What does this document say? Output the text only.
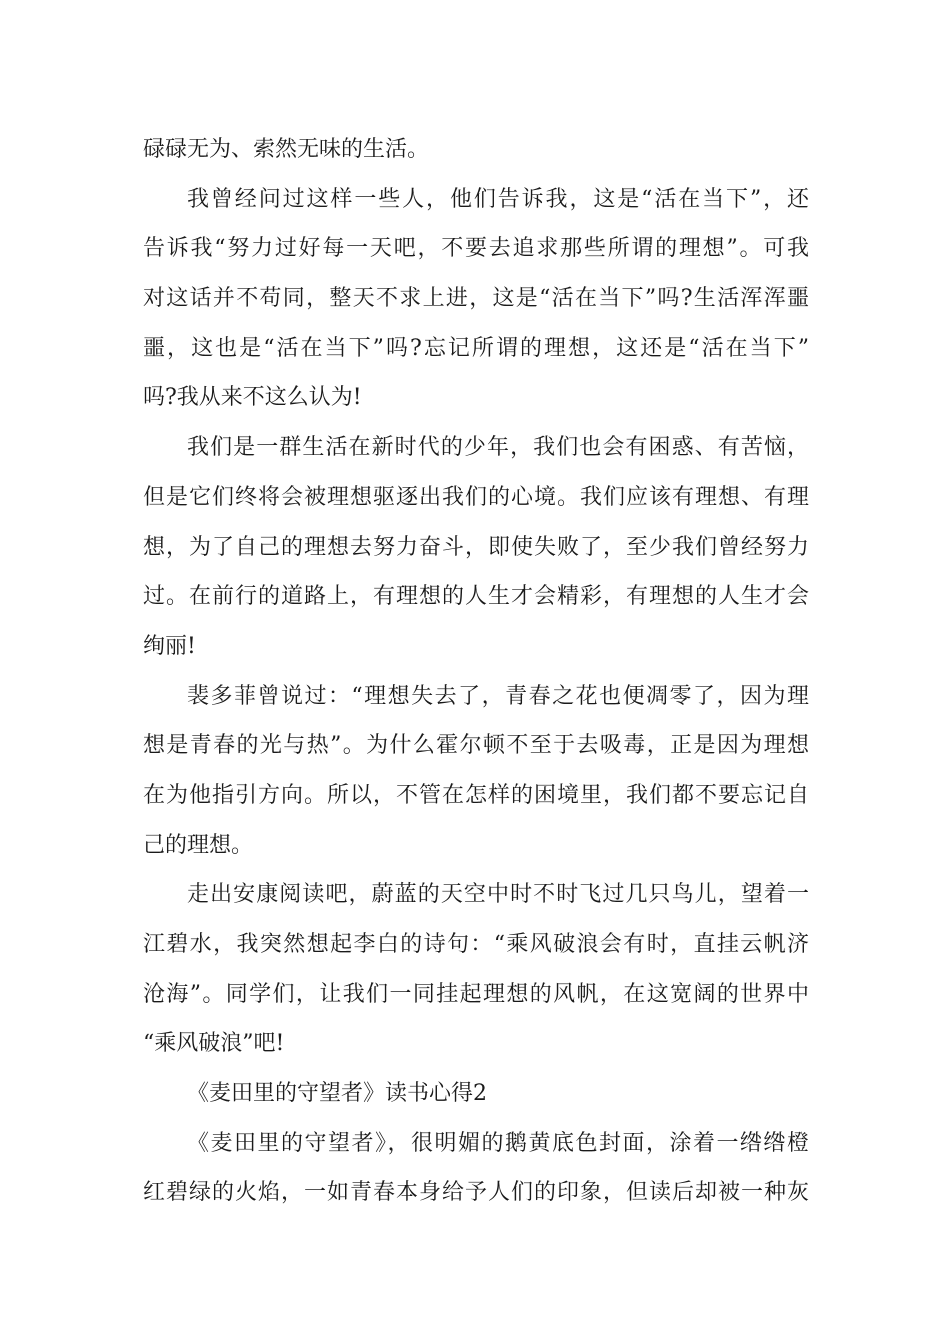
碌碌无为、索然无味的生活。
我曾经问过这样一些人，他们告诉我，这是“活在当下”，还
告诉我“努力过好每一天吧，不要去追求那些所谓的理想”。可我
对这话并不苟同，整天不求上进，这是“活在当下”吗?生活浑浑噩
噩，这也是“活在当下”吗?忘记所谓的理想，这还是“活在当下”
吗?我从来不这么认为!
我们是一群生活在新时代的少年，我们也会有困惑、有苦恼，
但是它们终将会被理想驱逐出我们的心境。我们应该有理想、有理
想，为了自己的理想去努力奋斗，即使失败了，至少我们曾经努力
过。在前行的道路上，有理想的人生才会精彩，有理想的人生才会
绚丽!
裴多菲曾说过：“理想失去了，青春之花也便凋零了，因为理
想是青春的光与热”。为什么霍尔顿不至于去吸毒，正是因为理想
在为他指引方向。所以，不管在怎样的困境里，我们都不要忘记自
己的理想。
走出安康阅读吧，蔚蓝的天空中时不时飞过几只鸟儿，望着一
江碧水，我突然想起李白的诗句：“乘风破浪会有时，直挂云帆济
沧海”。同学们，让我们一同挂起理想的风帆，在这宽阔的世界中
“乘风破浪”吧!
《麦田里的守望者》读书心得2
《麦田里的守望者》，很明媚的鹅黄底色封面，涂着一绺绺橙
红碧绿的火焰，一如青春本身给予人们的印象，但读后却被一种灰
